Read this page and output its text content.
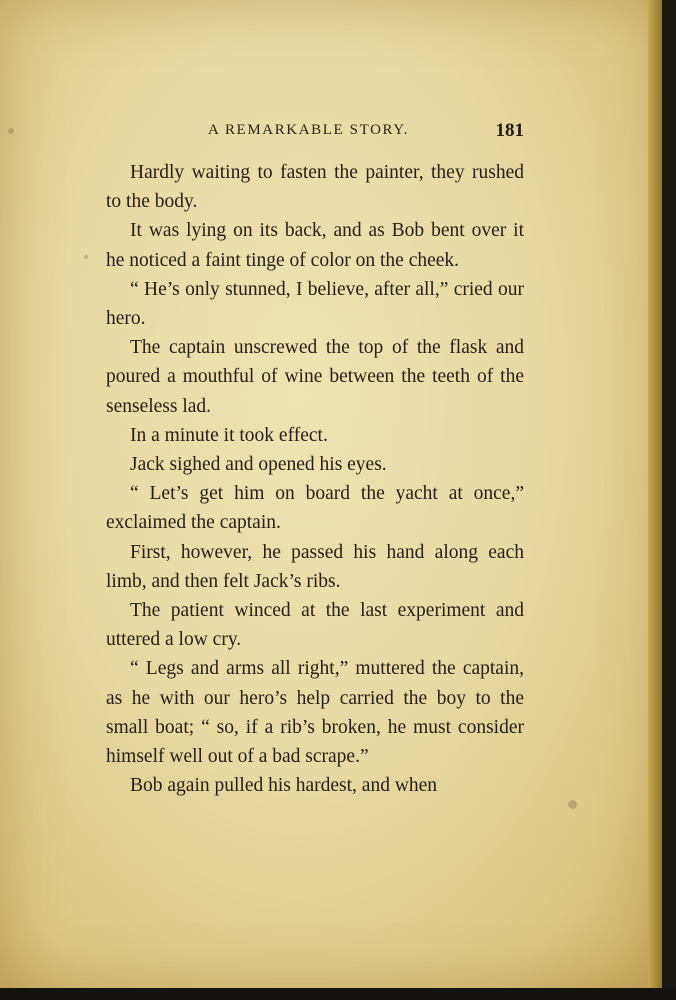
A REMARKABLE STORY.	181

Hardly waiting to fasten the painter, they rushed to the body.

It was lying on its back, and as Bob bent over it he noticed a faint tinge of color on the cheek.

“ He’s only stunned, I believe, after all,” cried our hero.

The captain unscrewed the top of the flask and poured a mouthful of wine between the teeth of the senseless lad.

In a minute it took effect.

Jack sighed and opened his eyes.

“ Let’s get him on board the yacht at once,” exclaimed the captain.

First, however, he passed his hand along each limb, and then felt Jack’s ribs.

The patient winced at the last experiment and uttered a low cry.

“ Legs and arms all right,” muttered the captain, as he with our hero’s help carried the boy to the small boat; “ so, if a rib’s broken, he must consider himself well out of a bad scrape.”

Bob again pulled his hardest, and when
